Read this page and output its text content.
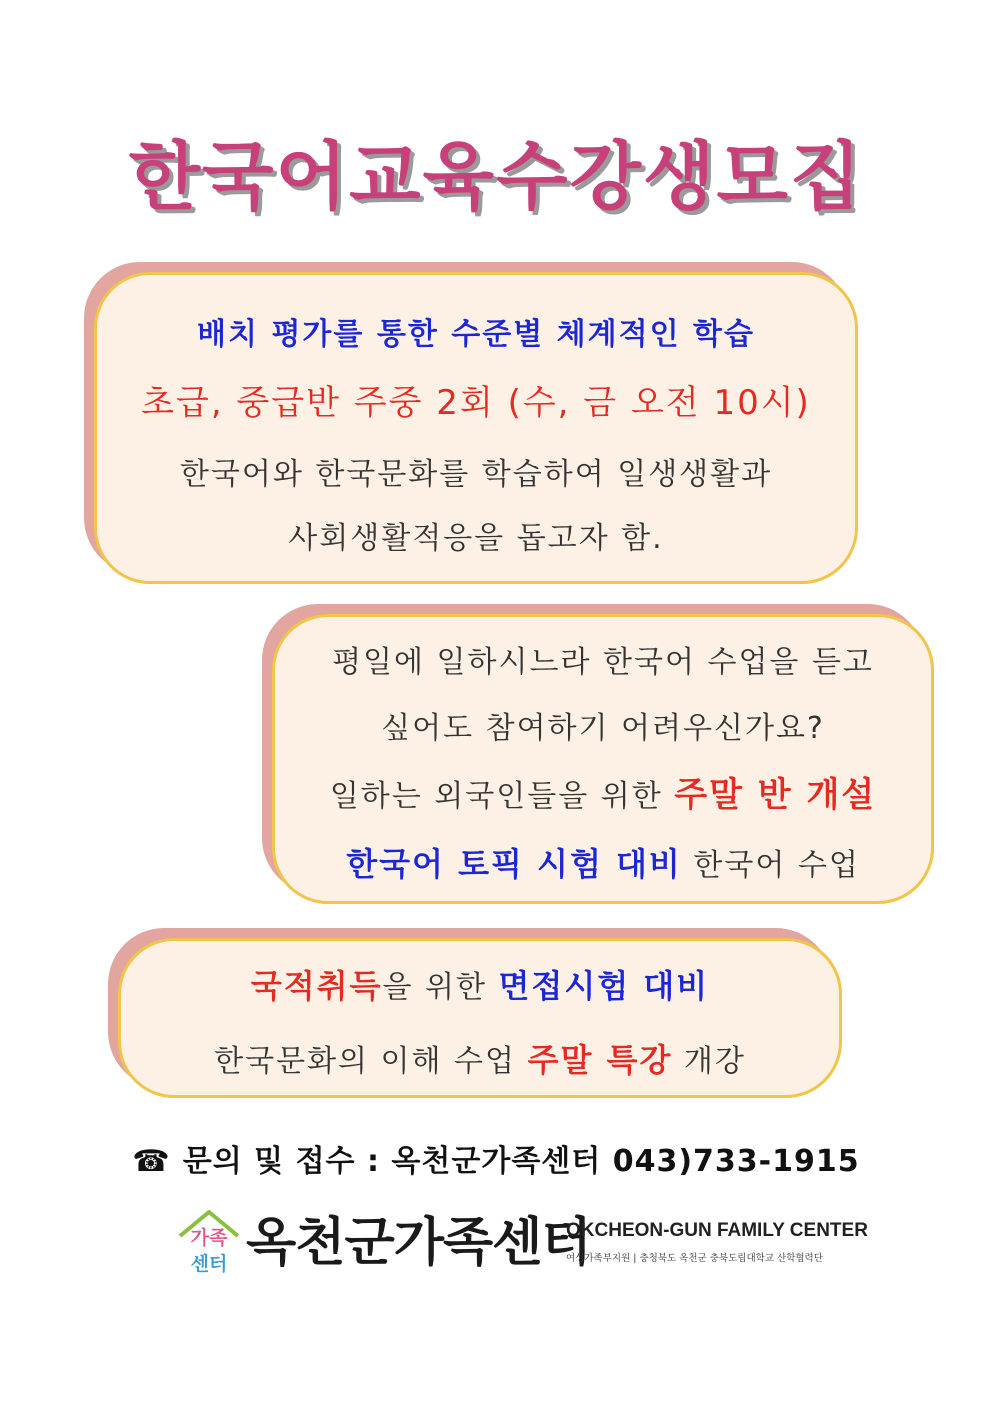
한국어교육수강생모집
배치 평가를 통한 수준별 체계적인 학습
초급, 중급반 주중 2회 (수, 금 오전 10시)
한국어와 한국문화를 학습하여 일생생활과
사회생활적응을 돕고자 함.
평일에 일하시느라 한국어 수업을 듣고
싶어도 참여하기 어려우신가요?
일하는 외국인들을 위한 주말 반 개설
한국어 토픽 시험 대비 한국어 수업
국적취득을 위한 면접시험 대비
한국문화의 이해 수업 주말 특강 개강
☎ 문의 및 접수 : 옥천군가족센터 043)733-1915
가족
센터 옥천군가족센터
OKCHEON-GUN FAMILY CENTER
여성가족부지원 | 충청북도 옥천군 충북도립대학교 산학협력단
